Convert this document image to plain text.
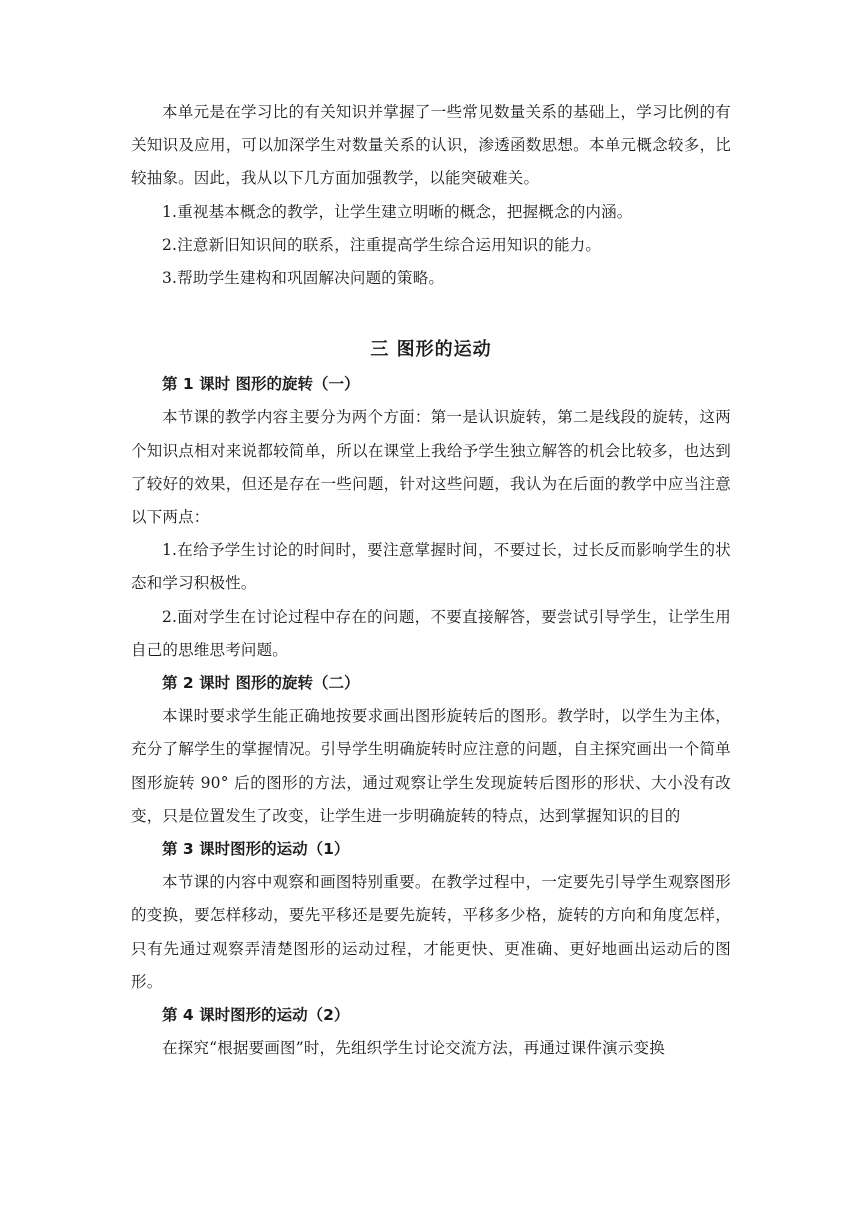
本单元是在学习比的有关知识并掌握了一些常见数量关系的基础上，学习比例的有关知识及应用，可以加深学生对数量关系的认识，渗透函数思想。本单元概念较多，比较抽象。因此，我从以下几方面加强教学，以能突破难关。

1.重视基本概念的教学，让学生建立明晰的概念，把握概念的内涵。

2.注意新旧知识间的联系，注重提高学生综合运用知识的能力。

3.帮助学生建构和巩固解决问题的策略。

三 图形的运动
第 1 课时 图形的旋转（一）

本节课的教学内容主要分为两个方面：第一是认识旋转，第二是线段的旋转，这两个知识点相对来说都较简单，所以在课堂上我给予学生独立解答的机会比较多，也达到了较好的效果，但还是存在一些问题，针对这些问题，我认为在后面的教学中应当注意以下两点：

1.在给予学生讨论的时间时，要注意掌握时间，不要过长，过长反而影响学生的状态和学习积极性。

2.面对学生在讨论过程中存在的问题，不要直接解答，要尝试引导学生，让学生用自己的思维思考问题。

第 2 课时 图形的旋转（二）

本课时要求学生能正确地按要求画出图形旋转后的图形。教学时，以学生为主体，充分了解学生的掌握情况。引导学生明确旋转时应注意的问题，自主探究画出一个简单图形旋转 90° 后的图形的方法，通过观察让学生发现旋转后图形的形状、大小没有改变，只是位置发生了改变，让学生进一步明确旋转的特点，达到掌握知识的目的

第 3 课时图形的运动（1）

本节课的内容中观察和画图特别重要。在教学过程中，一定要先引导学生观察图形的变换，要怎样移动，要先平移还是要先旋转，平移多少格，旋转的方向和角度怎样，只有先通过观察弄清楚图形的运动过程，才能更快、更准确、更好地画出运动后的图形。

第 4 课时图形的运动（2）

在探究“根据要画图”时，先组织学生讨论交流方法，再通过课件演示变换
